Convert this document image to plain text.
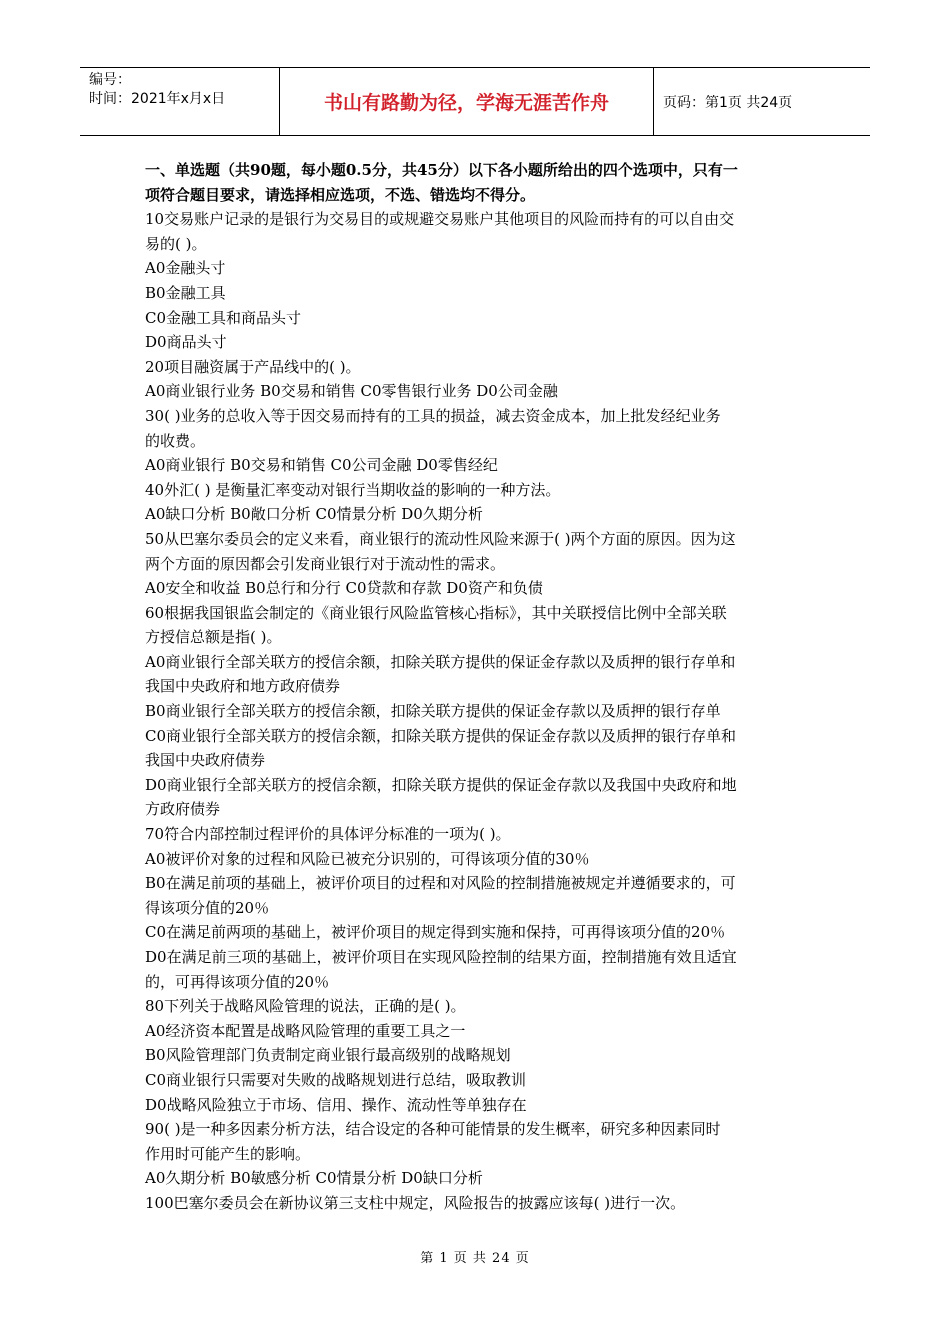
编号：
时间：2021年x月x日	书山有路勤为径，学海无涯苦作舟	页码：第1页 共24页

一、单选题（共90题，每小题0.5分，共45分）以下各小题所给出的四个选项中，只有一

项符合题目要求，请选择相应选项，不选、错选均不得分。

10交易账户记录的是银行为交易目的或规避交易账户其他项目的风险而持有的可以自由交

易的( )。

A0金融头寸

B0金融工具

C0金融工具和商品头寸

D0商品头寸

20项目融资属于产品线中的( )。

A0商业银行业务 B0交易和销售 C0零售银行业务 D0公司金融

30( )业务的总收入等于因交易而持有的工具的损益，减去资金成本，加上批发经纪业务

的收费。

A0商业银行 B0交易和销售 C0公司金融 D0零售经纪

40外汇( ) 是衡量汇率变动对银行当期收益的影响的一种方法。

A0缺口分析 B0敞口分析 C0情景分析 D0久期分析

50从巴塞尔委员会的定义来看，商业银行的流动性风险来源于( )两个方面的原因。因为这

两个方面的原因都会引发商业银行对于流动性的需求。

A0安全和收益 B0总行和分行 C0贷款和存款 D0资产和负债

60根据我国银监会制定的《商业银行风险监管核心指标》，其中关联授信比例中全部关联

方授信总额是指( )。

A0商业银行全部关联方的授信余额，扣除关联方提供的保证金存款以及质押的银行存单和

我国中央政府和地方政府债券

B0商业银行全部关联方的授信余额，扣除关联方提供的保证金存款以及质押的银行存单

C0商业银行全部关联方的授信余额，扣除关联方提供的保证金存款以及质押的银行存单和

我国中央政府债券

D0商业银行全部关联方的授信余额，扣除关联方提供的保证金存款以及我国中央政府和地

方政府债券

70符合内部控制过程评价的具体评分标准的一项为( )。

A0被评价对象的过程和风险已被充分识别的，可得该项分值的30％

B0在满足前项的基础上，被评价项目的过程和对风险的控制措施被规定并遵循要求的，可

得该项分值的20％

C0在满足前两项的基础上，被评价项目的规定得到实施和保持，可再得该项分值的20％

D0在满足前三项的基础上，被评价项目在实现风险控制的结果方面，控制措施有效且适宜

的，可再得该项分值的20％

80下列关于战略风险管理的说法，正确的是( )。

A0经济资本配置是战略风险管理的重要工具之一

B0风险管理部门负责制定商业银行最高级别的战略规划

C0商业银行只需要对失败的战略规划进行总结，吸取教训

D0战略风险独立于市场、信用、操作、流动性等单独存在

90( )是一种多因素分析方法，结合设定的各种可能情景的发生概率，研究多种因素同时

作用时可能产生的影响。

A0久期分析 B0敏感分析 C0情景分析 D0缺口分析

100巴塞尔委员会在新协议第三支柱中规定，风险报告的披露应该每( )进行一次。

第 1 页 共 24 页
